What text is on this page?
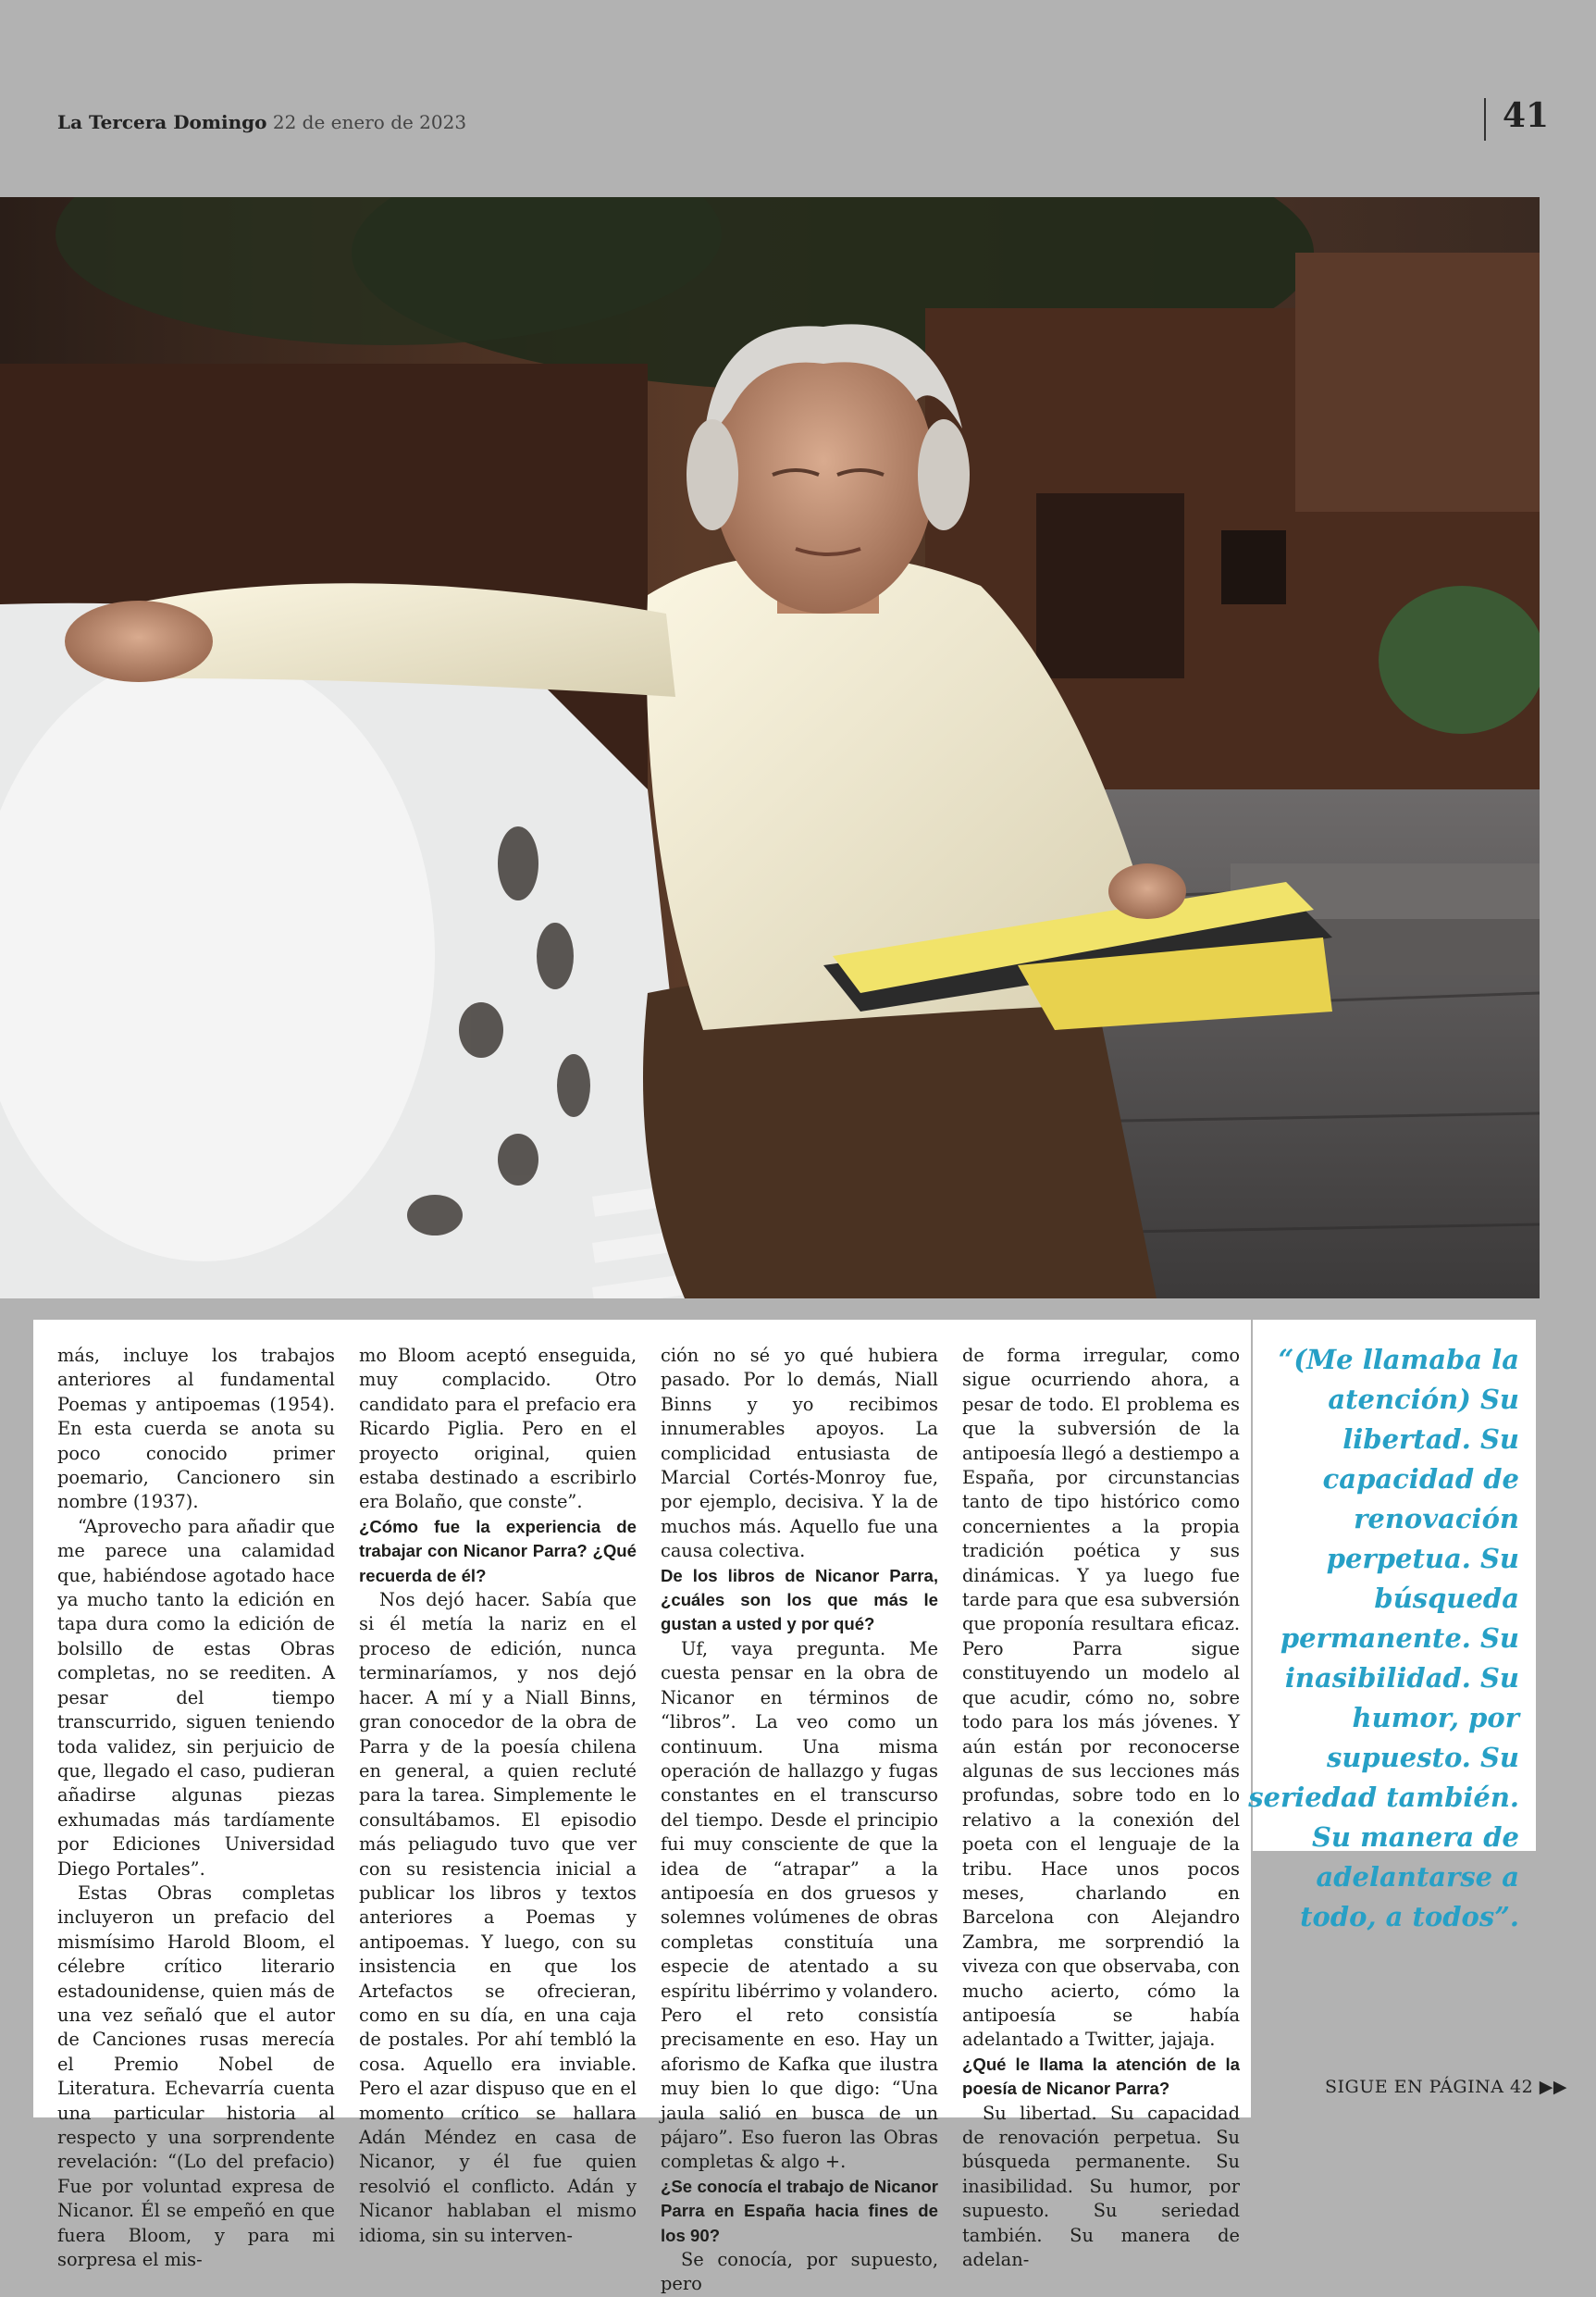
La Tercera Domingo 22 de enero de 2023	41

más, incluye los trabajos anteriores al fundamental Poemas y antipoemas (1954). En esta cuerda se anota su poco conocido primer poemario, Cancionero sin nombre (1937).

“Aprovecho para añadir que me parece una calamidad que, habiéndose agotado hace ya mucho tanto la edición en tapa dura como la edición de bolsillo de estas Obras completas, no se reediten. A pesar del tiempo transcurrido, siguen teniendo toda validez, sin perjuicio de que, llegado el caso, pudieran añadirse algunas piezas exhumadas más tardíamente por Ediciones Universidad Diego Portales”.

Estas Obras completas incluyeron un prefacio del mismísimo Harold Bloom, el célebre crítico literario estadounidense, quien más de una vez señaló que el autor de Canciones rusas merecía el Premio Nobel de Literatura. Echevarría cuenta una particular historia al respecto y una sorprendente revelación: “(Lo del prefacio) Fue por voluntad expresa de Nicanor. Él se empeñó en que fuera Bloom, y para mi sorpresa el mis-

mo Bloom aceptó enseguida, muy complacido. Otro candidato para el prefacio era Ricardo Piglia. Pero en el proyecto original, quien estaba destinado a escribirlo era Bolaño, que conste”.

¿Cómo fue la experiencia de trabajar con Nicanor Parra? ¿Qué recuerda de él?

Nos dejó hacer. Sabía que si él metía la nariz en el proceso de edición, nunca terminaríamos, y nos dejó hacer. A mí y a Niall Binns, gran conocedor de la obra de Parra y de la poesía chilena en general, a quien recluté para la tarea. Simplemente le consultábamos. El episodio más peliagudo tuvo que ver con su resistencia inicial a publicar los libros y textos anteriores a Poemas y antipoemas. Y luego, con su insistencia en que los Artefactos se ofrecieran, como en su día, en una caja de postales. Por ahí tembló la cosa. Aquello era inviable. Pero el azar dispuso que en el momento crítico se hallara Adán Méndez en casa de Nicanor, y él fue quien resolvió el conflicto. Adán y Nicanor hablaban el mismo idioma, sin su interven-

ción no sé yo qué hubiera pasado. Por lo demás, Niall Binns y yo recibimos innumerables apoyos. La complicidad entusiasta de Marcial Cortés-Monroy fue, por ejemplo, decisiva. Y la de muchos más. Aquello fue una causa colectiva.

De los libros de Nicanor Parra, ¿cuáles son los que más le gustan a usted y por qué?

Uf, vaya pregunta. Me cuesta pensar en la obra de Nicanor en términos de “libros”. La veo como un continuum. Una misma operación de hallazgo y fugas constantes en el transcurso del tiempo. Desde el principio fui muy consciente de que la idea de “atrapar” a la antipoesía en dos gruesos y solemnes volúmenes de obras completas constituía una especie de atentado a su espíritu libérrimo y volandero. Pero el reto consistía precisamente en eso. Hay un aforismo de Kafka que ilustra muy bien lo que digo: “Una jaula salió en busca de un pájaro”. Eso fueron las Obras completas & algo +.

¿Se conocía el trabajo de Nicanor Parra en España hacia fines de los 90?

Se conocía, por supuesto, pero

de forma irregular, como sigue ocurriendo ahora, a pesar de todo. El problema es que la subversión de la antipoesía llegó a destiempo a España, por circunstancias tanto de tipo histórico como concernientes a la propia tradición poética y sus dinámicas. Y ya luego fue tarde para que esa subversión que proponía resultara eficaz. Pero Parra sigue constituyendo un modelo al que acudir, cómo no, sobre todo para los más jóvenes. Y aún están por reconocerse algunas de sus lecciones más profundas, sobre todo en lo relativo a la conexión del poeta con el lenguaje de la tribu. Hace unos pocos meses, charlando en Barcelona con Alejandro Zambra, me sorprendió la viveza con que observaba, con mucho acierto, cómo la antipoesía se había adelantado a Twitter, jajaja.

¿Qué le llama la atención de la poesía de Nicanor Parra?

Su libertad. Su capacidad de renovación perpetua. Su búsqueda permanente. Su inasibilidad. Su humor, por supuesto. Su seriedad también. Su manera de adelan-

“(Me llamaba la atención) Su libertad. Su capacidad de renovación perpetua. Su búsqueda permanente. Su inasibilidad. Su humor, por supuesto. Su seriedad también. Su manera de adelantarse a todo, a todos”.
SIGUE EN PÁGINA 42 ▶▶
